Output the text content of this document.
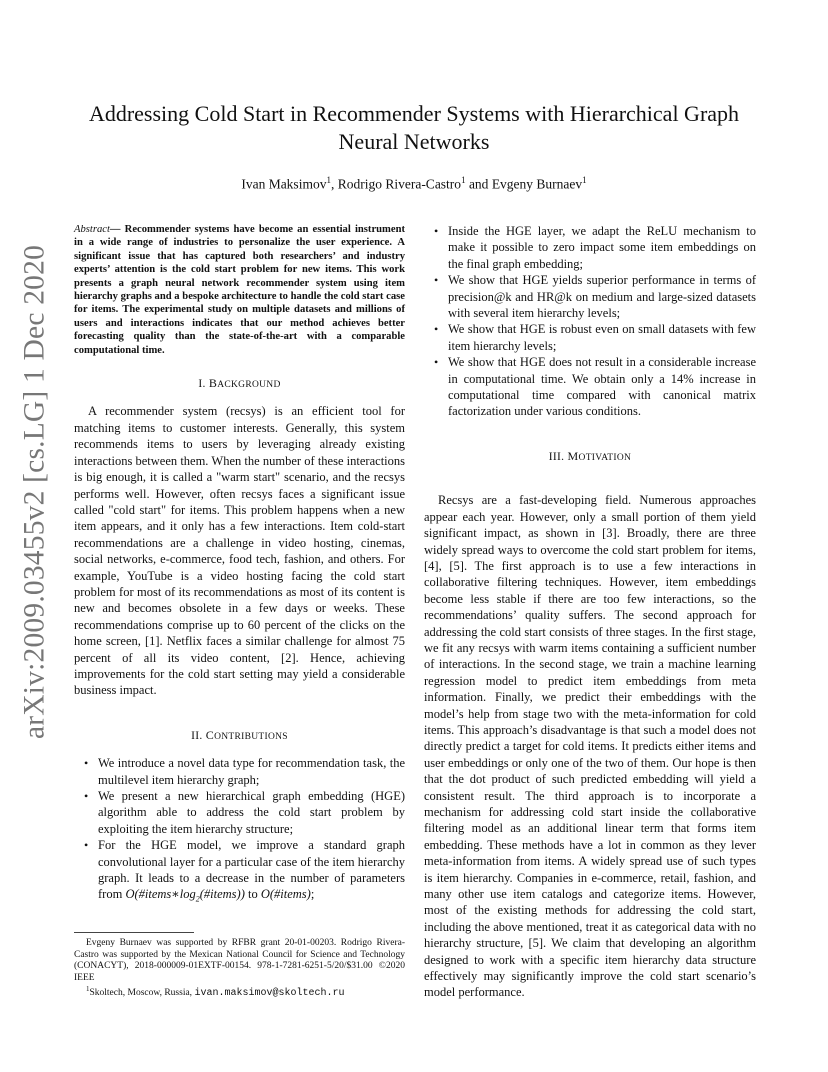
arXiv:2009.03455v2 [cs.LG] 1 Dec 2020
Addressing Cold Start in Recommender Systems with Hierarchical Graph Neural Networks
Ivan Maksimov$^1$, Rodrigo Rivera-Castro$^1$ and Evgeny Burnaev$^1$

Abstract— Recommender systems have become an essential instrument in a wide range of industries to personalize the user experience. A significant issue that has captured both researchers’ and industry experts’ attention is the cold start problem for new items. This work presents a graph neural network recommender system using item hierarchy graphs and a bespoke architecture to handle the cold start case for items. The experimental study on multiple datasets and millions of users and interactions indicates that our method achieves better forecasting quality than the state-of-the-art with a comparable computational time.

I. BACKGROUND

A recommender system (recsys) is an efficient tool for matching items to customer interests. Generally, this system recommends items to users by leveraging already existing interactions between them. When the number of these interactions is big enough, it is called a "warm start" scenario, and the recsys performs well. However, often recsys faces a significant issue called "cold start" for items. This problem happens when a new item appears, and it only has a few interactions. Item cold-start recommendations are a challenge in video hosting, cinemas, social networks, e-commerce, food tech, fashion, and others. For example, YouTube is a video hosting facing the cold start problem for most of its recommendations as most of its content is new and becomes obsolete in a few days or weeks. These recommendations comprise up to 60 percent of the clicks on the home screen, [1]. Netflix faces a similar challenge for almost 75 percent of all its video content, [2]. Hence, achieving improvements for the cold start setting may yield a considerable business impact.

II. CONTRIBUTIONS
• We introduce a novel data type for recommendation task, the multilevel item hierarchy graph;
• We present a new hierarchical graph embedding (HGE) algorithm able to address the cold start problem by exploiting the item hierarchy structure;
• For the HGE model, we improve a standard graph convolutional layer for a particular case of the item hierarchy graph. It leads to a decrease in the number of parameters from $O(\#items∗\log_2(\#items))$ to O(#items);
• Inside the HGE layer, we adapt the ReLU mechanism to make it possible to zero impact some item embeddings on the final graph embedding;
• We show that HGE yields superior performance in terms of precision@k and HR@k on medium and large-sized datasets with several item hierarchy levels;
• We show that HGE is robust even on small datasets with few item hierarchy levels;
• We show that HGE does not result in a considerable increase in computational time. We obtain only a 14% increase in computational time compared with canonical matrix factorization under various conditions.
III. MOTIVATION

Recsys are a fast-developing field. Numerous approaches appear each year. However, only a small portion of them yield significant impact, as shown in [3]. Broadly, there are three widely spread ways to overcome the cold start problem for items, [4], [5]. The first approach is to use a few interactions in collaborative filtering techniques. However, item embeddings become less stable if there are too few interactions, so the recommendations’ quality suffers. The second approach for addressing the cold start consists of three stages. In the first stage, we fit any recsys with warm items containing a sufficient number of interactions. In the second stage, we train a machine learning regression model to predict item embeddings from meta information. Finally, we predict their embeddings with the model’s help from stage two with the meta-information for cold items. This approach’s disadvantage is that such a model does not directly predict a target for cold items. It predicts either items and user embeddings or only one of the two of them. Our hope is then that the dot product of such predicted embedding will yield a consistent result. The third approach is to incorporate a mechanism for addressing cold start inside the collaborative filtering model as an additional linear term that forms item embedding. These methods have a lot in common as they lever meta-information from items. A widely spread use of such types is item hierarchy. Companies in e-commerce, retail, fashion, and many other use item catalogs and categorize items. However, most of the existing methods for addressing the cold start, including the above mentioned, treat it as categorical data with no hierarchy structure, [5]. We claim that developing an algorithm designed to work with a specific item hierarchy data structure effectively may significantly improve the cold start scenario’s model performance.

Evgeny Burnaev was supported by RFBR grant 20-01-00203. Rodrigo Rivera-Castro was supported by the Mexican National Council for Science and Technology (CONACYT), 2018-000009-01EXTF-00154. 978-1-7281-6251-5/20/$31.00 ©2020 IEEE

$^1$Skoltech, Moscow, Russia, ivan.maksimov@skoltech.ru
